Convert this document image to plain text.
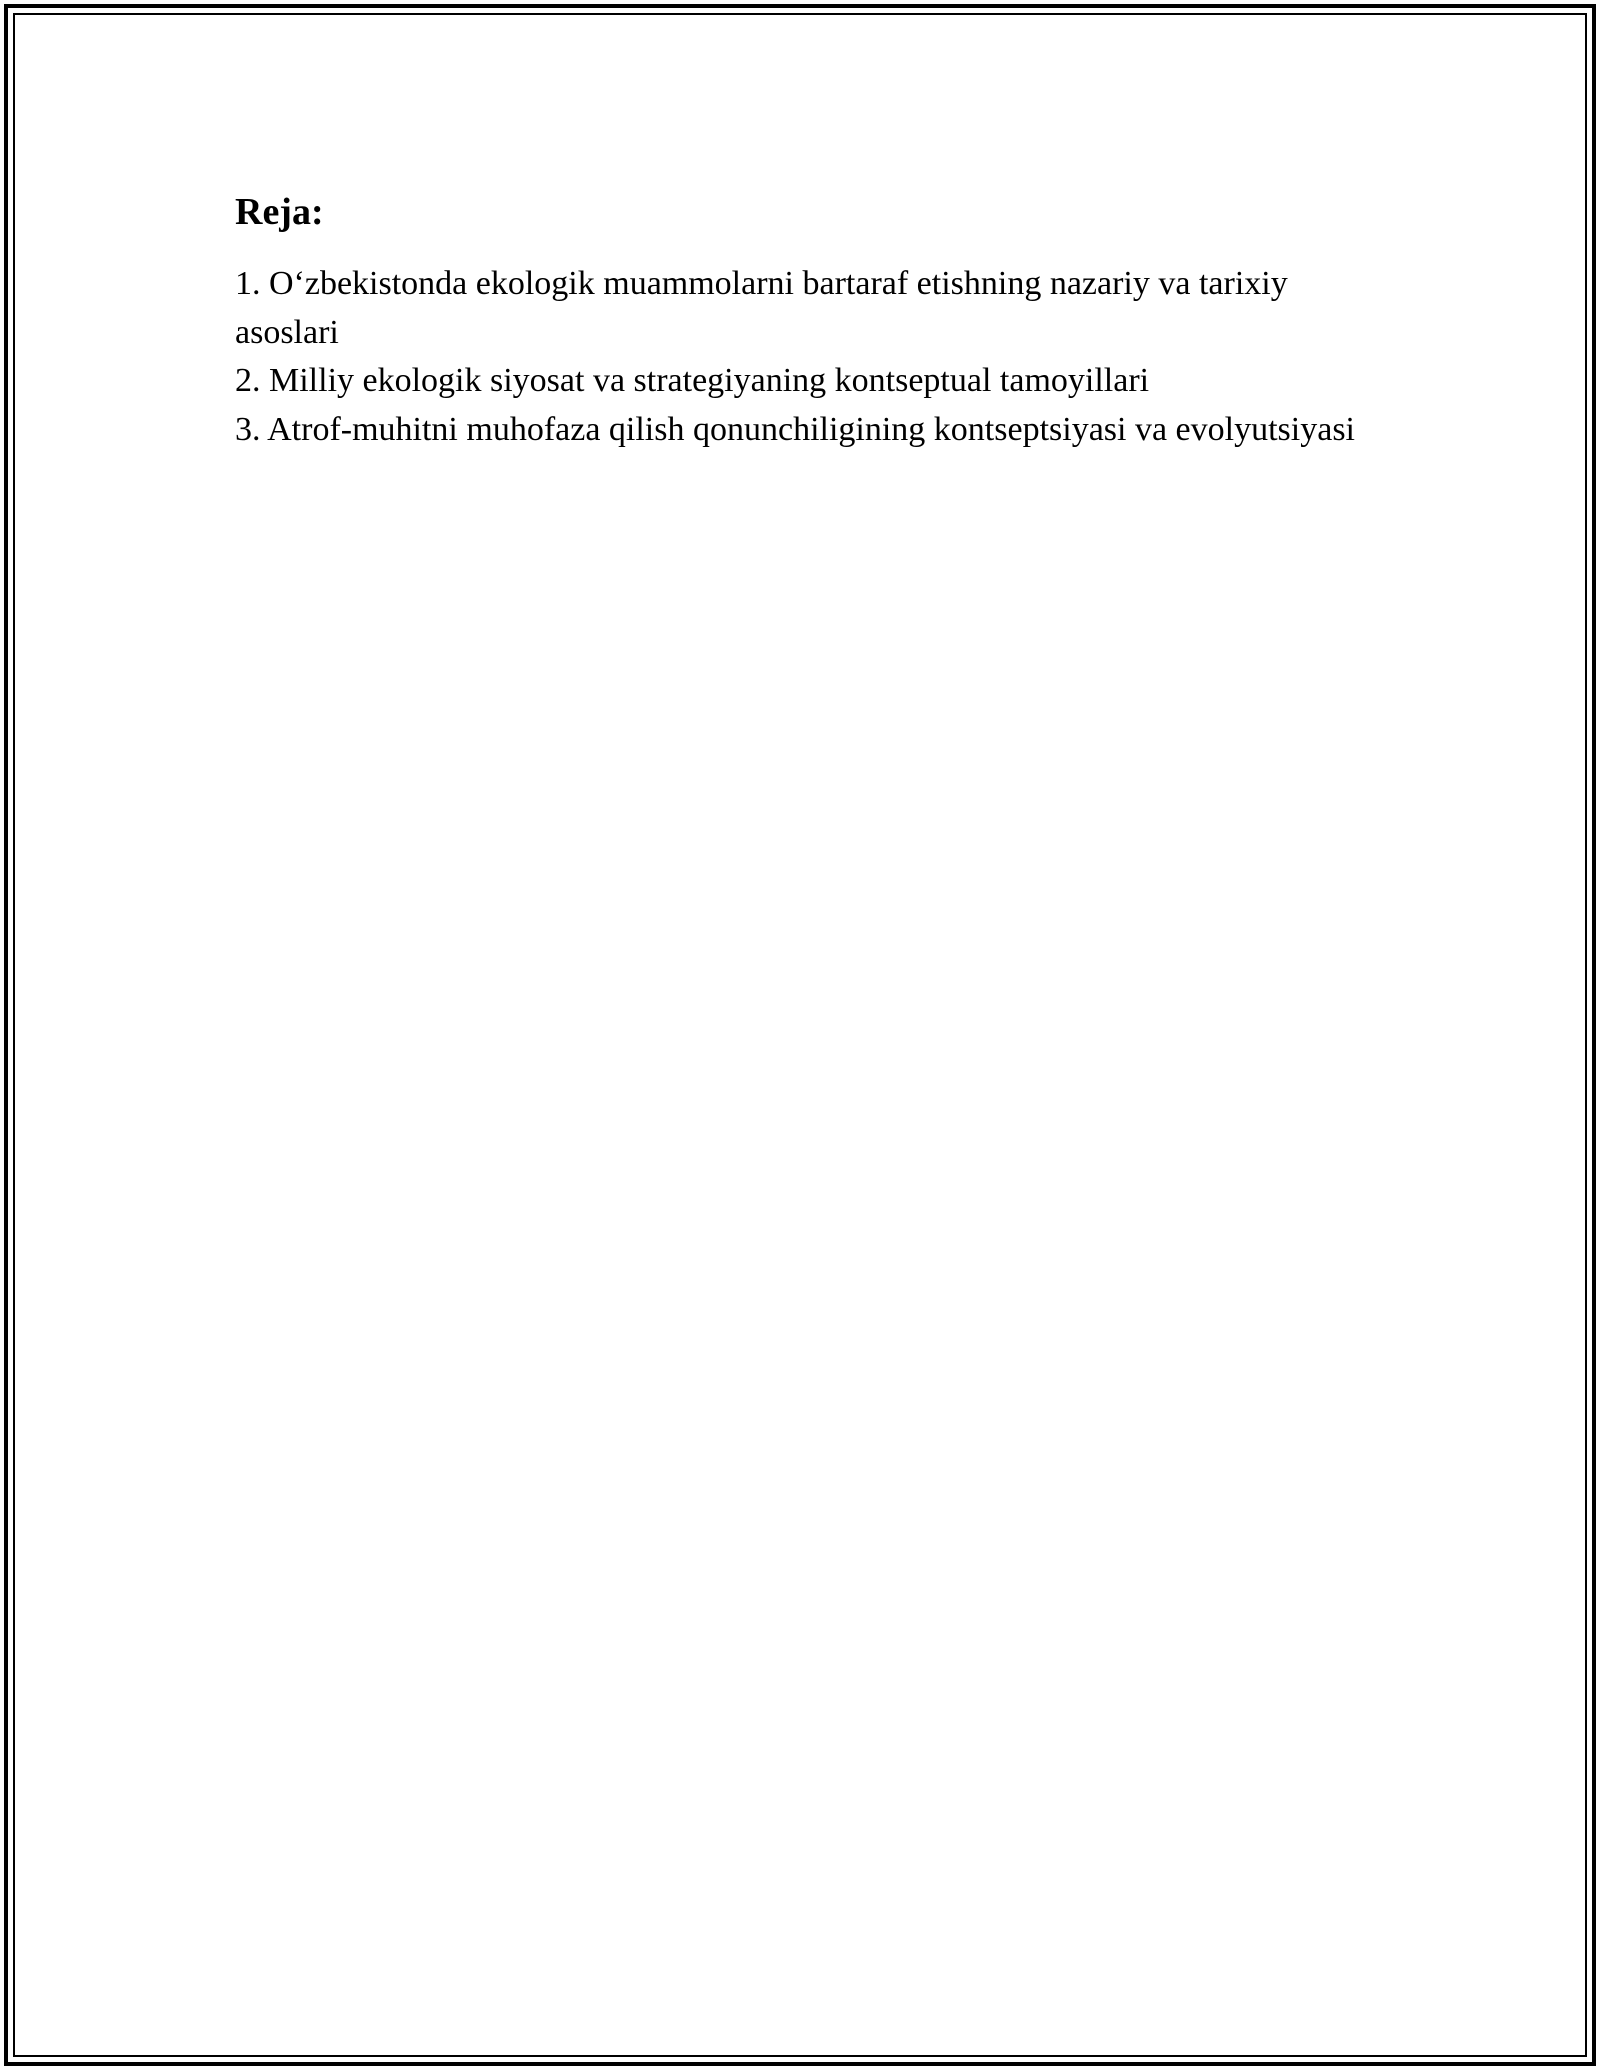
Reja:
1. O‘zbekistonda ekologik muammolarni bartaraf etishning nazariy va tarixiy asoslari
2. Milliy ekologik siyosat va strategiyaning kontseptual tamoyillari
3. Atrof-muhitni muhofaza qilish qonunchiligining kontseptsiyasi va evolyutsiyasi
